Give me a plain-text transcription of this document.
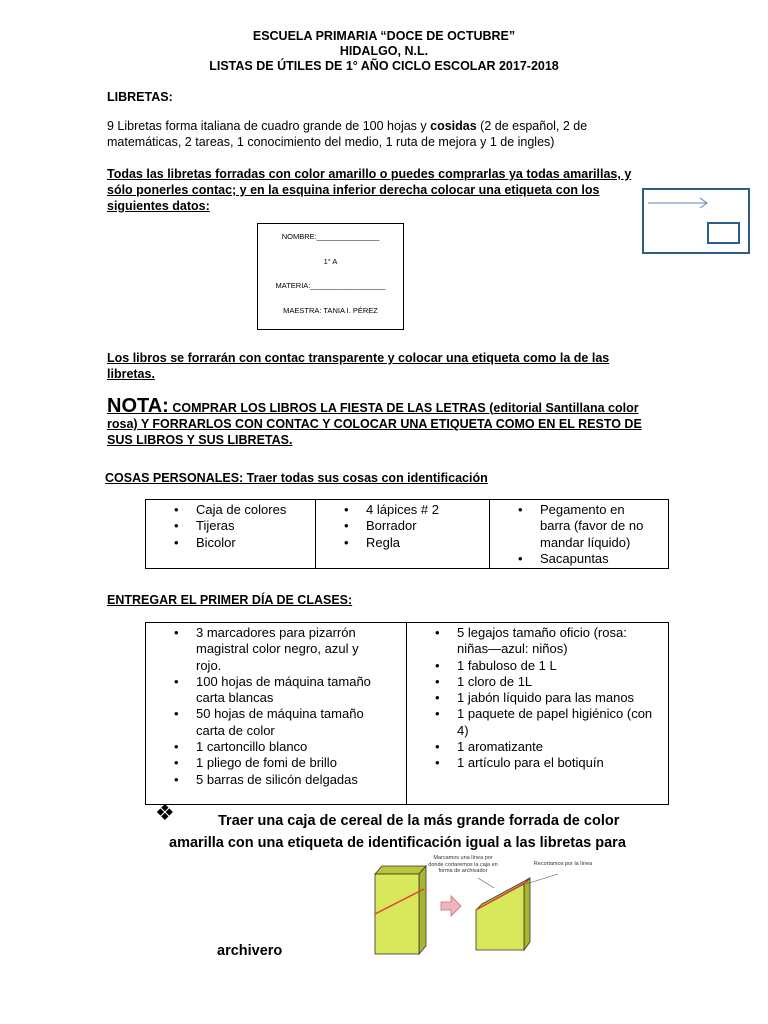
ESCUELA PRIMARIA “DOCE DE OCTUBRE”
HIDALGO, N.L.
LISTAS DE ÚTILES DE 1° AÑO CICLO ESCOLAR 2017-2018
LIBRETAS:
9 Libretas forma italiana de cuadro grande de 100 hojas y cosidas (2 de español, 2 de matemáticas, 2 tareas, 1 conocimiento del medio, 1 ruta de mejora y 1 de ingles)
Todas las libretas forradas con color amarillo o puedes comprarlas ya todas amarillas, y sólo ponerles contac; y en la esquina inferior derecha colocar una etiqueta con los siguientes datos:
NOMBRE:_______________
1° A
MATERIA:__________________
MAESTRA: TANIA I. PÉREZ
Los libros se forrarán con contac transparente y colocar una etiqueta como la de las libretas.
NOTA: COMPRAR LOS LIBROS LA FIESTA DE LAS LETRAS (editorial Santillana color rosa) Y FORRARLOS CON CONTAC Y COLOCAR UNA ETIQUETA COMO EN EL RESTO DE SUS LIBROS Y SUS LIBRETAS.
COSAS PERSONALES: Traer todas sus cosas con identificación
• Caja de colores
• Tijeras
• Bicolor
• 4 lápices # 2
• Borrador
• Regla
• Pegamento en barra (favor de no mandar líquido)
• Sacapuntas
ENTREGAR EL PRIMER DÍA DE CLASES:
• 3 marcadores para pizarrón magistral color negro, azul y rojo.
• 100 hojas de máquina tamaño carta blancas
• 50 hojas de máquina tamaño carta de color
• 1 cartoncillo blanco
• 1 pliego de fomi de brillo
• 5 barras de silicón delgadas
• 5 legajos tamaño oficio (rosa: niñas—azul: niños)
• 1 fabuloso de 1 L
• 1 cloro de 1L
• 1 jabón líquido para las manos
• 1 paquete de papel higiénico (con 4)
• 1 aromatizante
• 1 artículo para el botiquín
❖	Traer una caja de cereal de la más grande forrada de color
amarilla con una etiqueta de identificación igual a las libretas para
archivero
Marcamos una línea por donde cortaremos la caja en forma de archivador
Recortamos por la línea
